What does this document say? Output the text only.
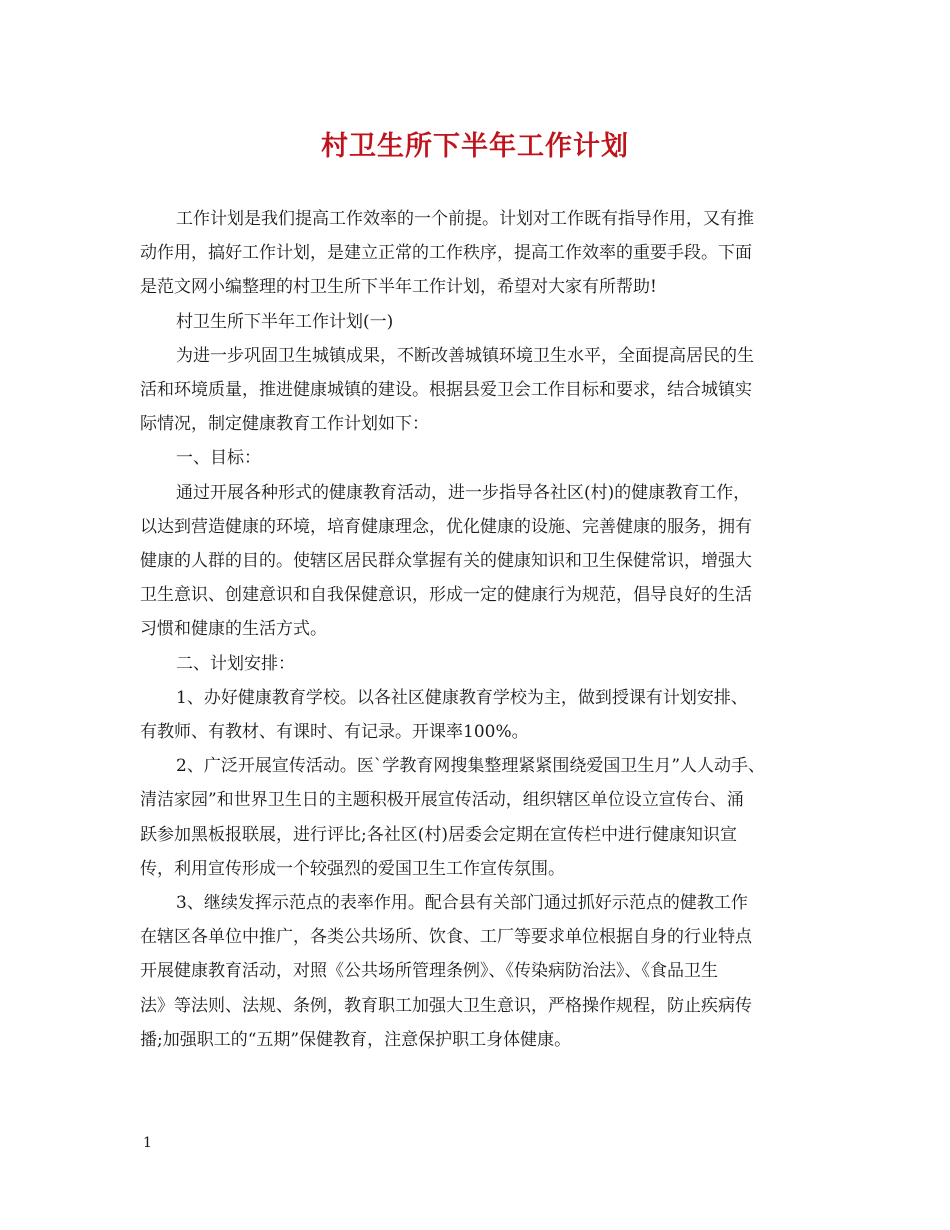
村卫生所下半年工作计划
工作计划是我们提高工作效率的一个前提。计划对工作既有指导作用，又有推
动作用，搞好工作计划，是建立正常的工作秩序，提高工作效率的重要手段。下面
是范文网小编整理的村卫生所下半年工作计划，希望对大家有所帮助!
村卫生所下半年工作计划(一)
为进一步巩固卫生城镇成果，不断改善城镇环境卫生水平，全面提高居民的生
活和环境质量，推进健康城镇的建设。根据县爱卫会工作目标和要求，结合城镇实
际情况，制定健康教育工作计划如下：
一、目标：
通过开展各种形式的健康教育活动，进一步指导各社区(村)的健康教育工作，
以达到营造健康的环境，培育健康理念，优化健康的设施、完善健康的服务，拥有
健康的人群的目的。使辖区居民群众掌握有关的健康知识和卫生保健常识，增强大
卫生意识、创建意识和自我保健意识，形成一定的健康行为规范，倡导良好的生活
习惯和健康的生活方式。
二、计划安排：
1、办好健康教育学校。以各社区健康教育学校为主，做到授课有计划安排、
有教师、有教材、有课时、有记录。开课率100%。
2、广泛开展宣传活动。医`学教育网搜集整理紧紧围绕爱国卫生月”人人动手、
清洁家园”和世界卫生日的主题积极开展宣传活动，组织辖区单位设立宣传台、涌
跃参加黑板报联展，进行评比;各社区(村)居委会定期在宣传栏中进行健康知识宣
传，利用宣传形成一个较强烈的爱国卫生工作宣传氛围。
3、继续发挥示范点的表率作用。配合县有关部门通过抓好示范点的健教工作
在辖区各单位中推广，各类公共场所、饮食、工厂等要求单位根据自身的行业特点
开展健康教育活动，对照《公共场所管理条例》、《传染病防治法》、《食品卫生
法》等法则、法规、条例，教育职工加强大卫生意识，严格操作规程，防止疾病传
播;加强职工的“五期”保健教育，注意保护职工身体健康。
1
